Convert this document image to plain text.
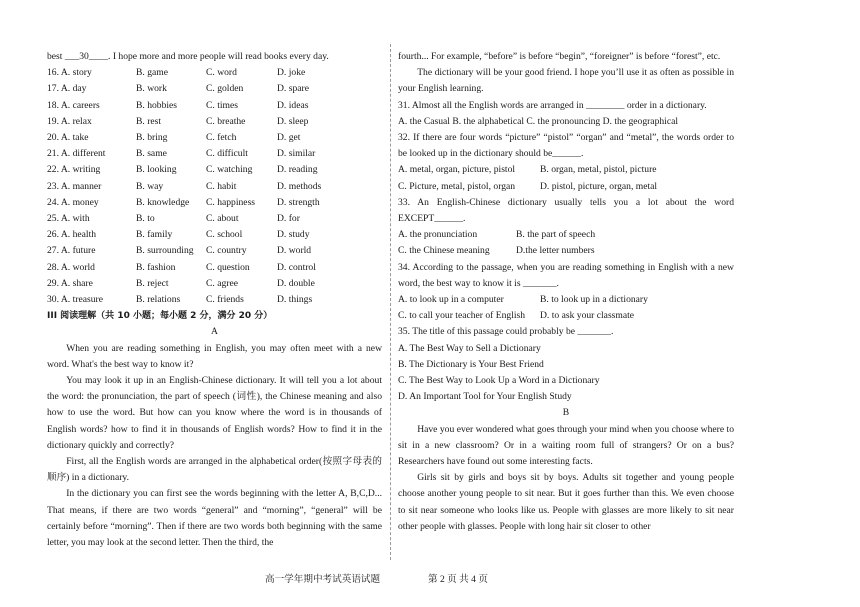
best ___30____. I hope more and more people will read books every day.
16. A. story	B. game	C. word	D. joke
17. A. day	B. work	C. golden	D. spare
18. A. careers	B. hobbies	C. times	D. ideas
19. A. relax	B. rest	C. breathe	D. sleep
20. A. take	B. bring	C. fetch	D. get
21. A. different	B. same	C. difficult	D. similar
22. A. writing	B. looking	C. watching	D. reading
23. A. manner	B. way	C. habit	D. methods
24. A. money	B. knowledge	C. happiness	D. strength
25. A. with	B. to	C. about	D. for
26. A. health	B. family	C. school	D. study
27. A. future	B. surrounding	C. country	D. world
28. A. world	B. fashion	C. question	D. control
29. A. share	B. reject	C. agree	D. double
30. A. treasure	B. relations	C. friends	D. things
III 阅读理解（共 10 小题；每小题 2 分，满分 20 分）
A

When you are reading something in English, you may often meet with a new word. What's the best way to know it?

You may look it up in an English-Chinese dictionary. It will tell you a lot about the word: the pronunciation, the part of speech (词性), the Chinese meaning and also how to use the word. But how can you know where the word is in thousands of English words? how to find it in thousands of English words? How to find it in the dictionary quickly and correctly?

First, all the English words are arranged in the alphabetical order(按照字母表的顺序) in a dictionary.

In the dictionary you can first see the words beginning with the letter A, B,C,D... That means, if there are two words “general” and “morning”, “general” will be certainly before “morning”. Then if there are two words both beginning with the same letter, you may look at the second letter. Then the third, the

fourth... For example, “before” is before “begin”, “foreigner” is before “forest”, etc.

The dictionary will be your good friend. I hope you’ll use it as often as possible in your English learning.

31. Almost all the English words are arranged in ________ order in a dictionary.
A. the Casual B. the alphabetical C. the pronouncing D. the geographical

32. If there are four words “picture” “pistol” “organ” and “metal”, the words order to be looked up in the dictionary should be______.

A. metal, organ, picture, pistol	B. organ, metal, pistol, picture
C. Picture, metal, pistol, organ	D. pistol, picture, organ, metal

33. An English-Chinese dictionary usually tells you a lot about the word EXCEPT______.

A. the pronunciation	B. the part of speech
C. the Chinese meaning	D.the letter numbers

34. According to the passage, when you are reading something in English with a new word, the best way to know it is _______.

A. to look up in a computer	B. to look up in a dictionary
C. to call your teacher of English	D. to ask your classmate
35. The title of this passage could probably be _______.
A. The Best Way to Sell a Dictionary
B. The Dictionary is Your Best Friend
C. The Best Way to Look Up a Word in a Dictionary
D. An Important Tool for Your English Study
B

Have you ever wondered what goes through your mind when you choose where to sit in a new classroom? Or in a waiting room full of strangers? Or on a bus? Researchers have found out some interesting facts.

Girls sit by girls and boys sit by boys. Adults sit together and young people choose another young people to sit near. But it goes further than this. We even choose to sit near someone who looks like us. People with glasses are more likely to sit near other people with glasses. People with long hair sit closer to other

高一学年期中考试英语试题	第 2 页 共 4 页
